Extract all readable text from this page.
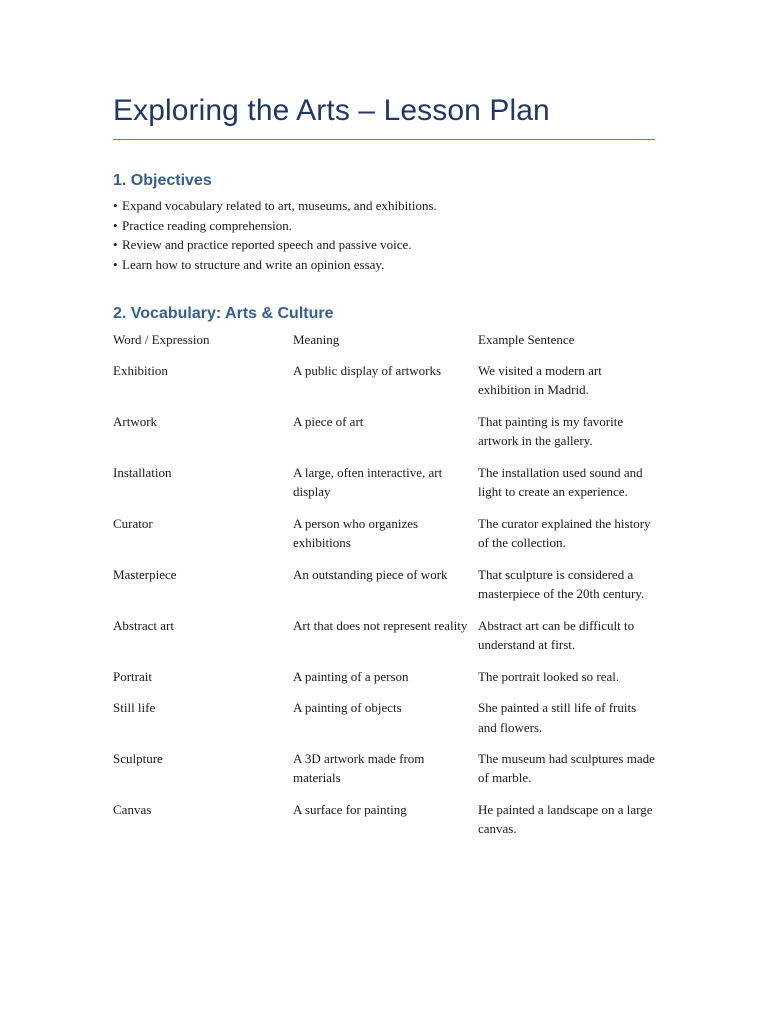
Exploring the Arts – Lesson Plan
1. Objectives
• Expand vocabulary related to art, museums, and exhibitions.
• Practice reading comprehension.
• Review and practice reported speech and passive voice.
• Learn how to structure and write an opinion essay.
2. Vocabulary: Arts & Culture
Word / Expression	Meaning	Example Sentence
Exhibition	A public display of artworks	We visited a modern art exhibition in Madrid.
Artwork	A piece of art	That painting is my favorite artwork in the gallery.
Installation	A large, often interactive, art display	The installation used sound and light to create an experience.
Curator	A person who organizes exhibitions	The curator explained the history of the collection.
Masterpiece	An outstanding piece of work	That sculpture is considered a masterpiece of the 20th century.
Abstract art	Art that does not represent reality	Abstract art can be difficult to understand at first.
Portrait	A painting of a person	The portrait looked so real.
Still life	A painting of objects	She painted a still life of fruits and flowers.
Sculpture	A 3D artwork made from materials	The museum had sculptures made of marble.
Canvas	A surface for painting	He painted a landscape on a large canvas.
